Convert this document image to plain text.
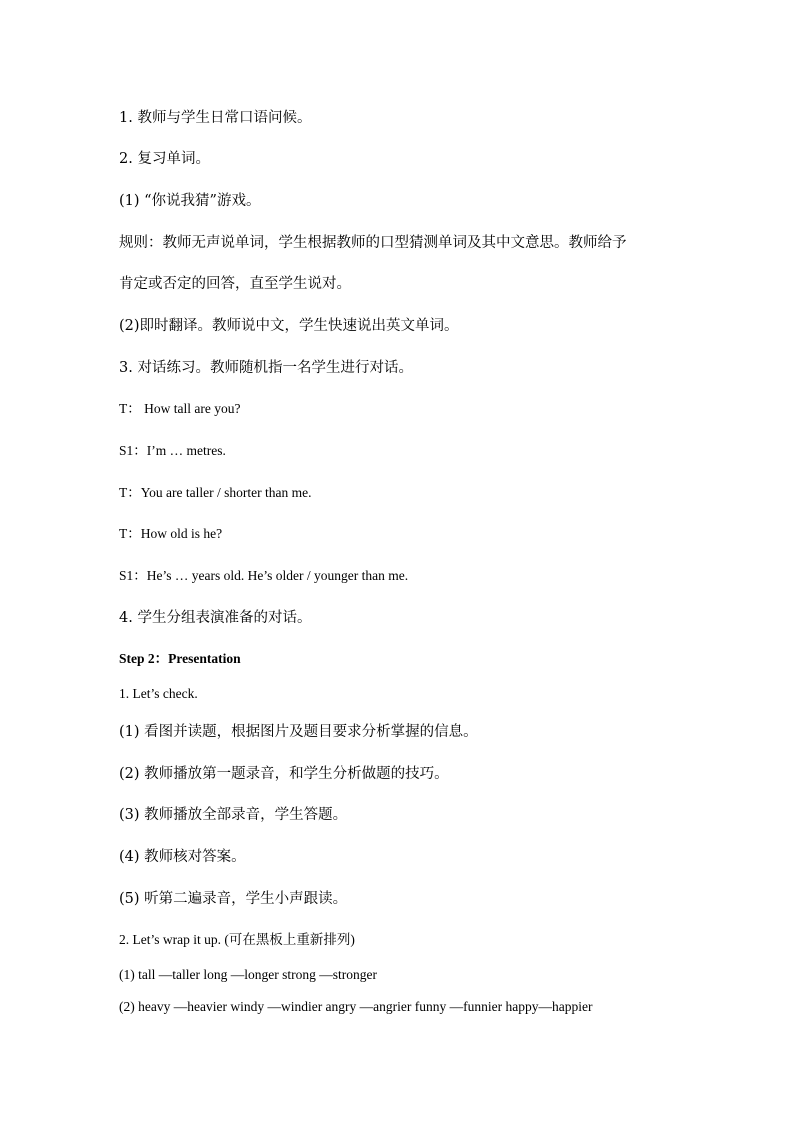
1. 教师与学生日常口语问候。
2. 复习单词。
(1) “你说我猜”游戏。
规则：教师无声说单词，学生根据教师的口型猜测单词及其中文意思。教师给予
肯定或否定的回答，直至学生说对。
(2)即时翻译。教师说中文，学生快速说出英文单词。
3. 对话练习。教师随机指一名学生进行对话。
T： How tall are you?
S1：I’m … metres.
T：You are taller / shorter than me.
T：How old is he?
S1：He’s … years old. He’s older / younger than me.
4. 学生分组表演准备的对话。
Step 2：Presentation
1. Let’s check.
(1) 看图并读题，根据图片及题目要求分析掌握的信息。
(2) 教师播放第一题录音，和学生分析做题的技巧。
(3) 教师播放全部录音，学生答题。
(4) 教师核对答案。
(5) 听第二遍录音，学生小声跟读。
2. Let’s wrap it up. (可在黑板上重新排列)
(1) tall —taller long —longer strong —stronger
(2) heavy —heavier windy —windier angry —angrier funny —funnier happy—happier
